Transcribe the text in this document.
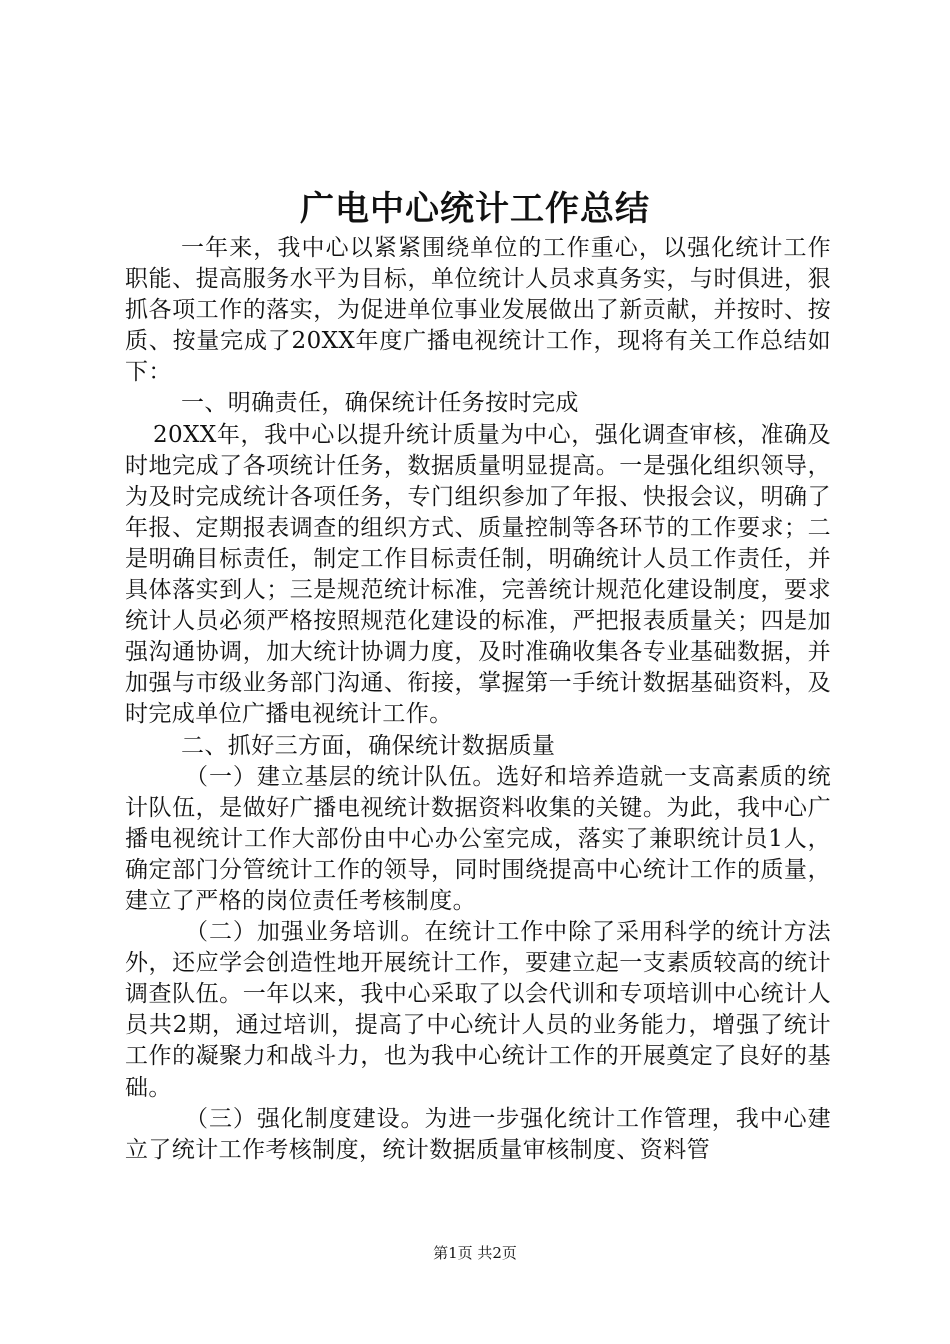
广电中心统计工作总结

一年来，我中心以紧紧围绕单位的工作重心，以强化统计工作职能、提高服务水平为目标，单位统计人员求真务实，与时俱进，狠抓各项工作的落实，为促进单位事业发展做出了新贡献，并按时、按质、按量完成了20XX年度广播电视统计工作，现将有关工作总结如下：

一、明确责任，确保统计任务按时完成

20XX年，我中心以提升统计质量为中心，强化调查审核，准确及时地完成了各项统计任务，数据质量明显提高。一是强化组织领导，为及时完成统计各项任务，专门组织参加了年报、快报会议，明确了年报、定期报表调查的组织方式、质量控制等各环节的工作要求；二是明确目标责任，制定工作目标责任制，明确统计人员工作责任，并具体落实到人；三是规范统计标准，完善统计规范化建设制度，要求统计人员必须严格按照规范化建设的标准，严把报表质量关；四是加强沟通协调，加大统计协调力度，及时准确收集各专业基础数据，并加强与市级业务部门沟通、衔接，掌握第一手统计数据基础资料，及时完成单位广播电视统计工作。

二、抓好三方面，确保统计数据质量

（一）建立基层的统计队伍。选好和培养造就一支高素质的统计队伍，是做好广播电视统计数据资料收集的关键。为此，我中心广播电视统计工作大部份由中心办公室完成，落实了兼职统计员1人，确定部门分管统计工作的领导，同时围绕提高中心统计工作的质量，建立了严格的岗位责任考核制度。

（二）加强业务培训。在统计工作中除了采用科学的统计方法外，还应学会创造性地开展统计工作，要建立起一支素质较高的统计调查队伍。一年以来，我中心采取了以会代训和专项培训中心统计人员共2期，通过培训，提高了中心统计人员的业务能力，增强了统计工作的凝聚力和战斗力，也为我中心统计工作的开展奠定了良好的基础。

（三）强化制度建设。为进一步强化统计工作管理，我中心建立了统计工作考核制度，统计数据质量审核制度、资料管

第1页 共2页
